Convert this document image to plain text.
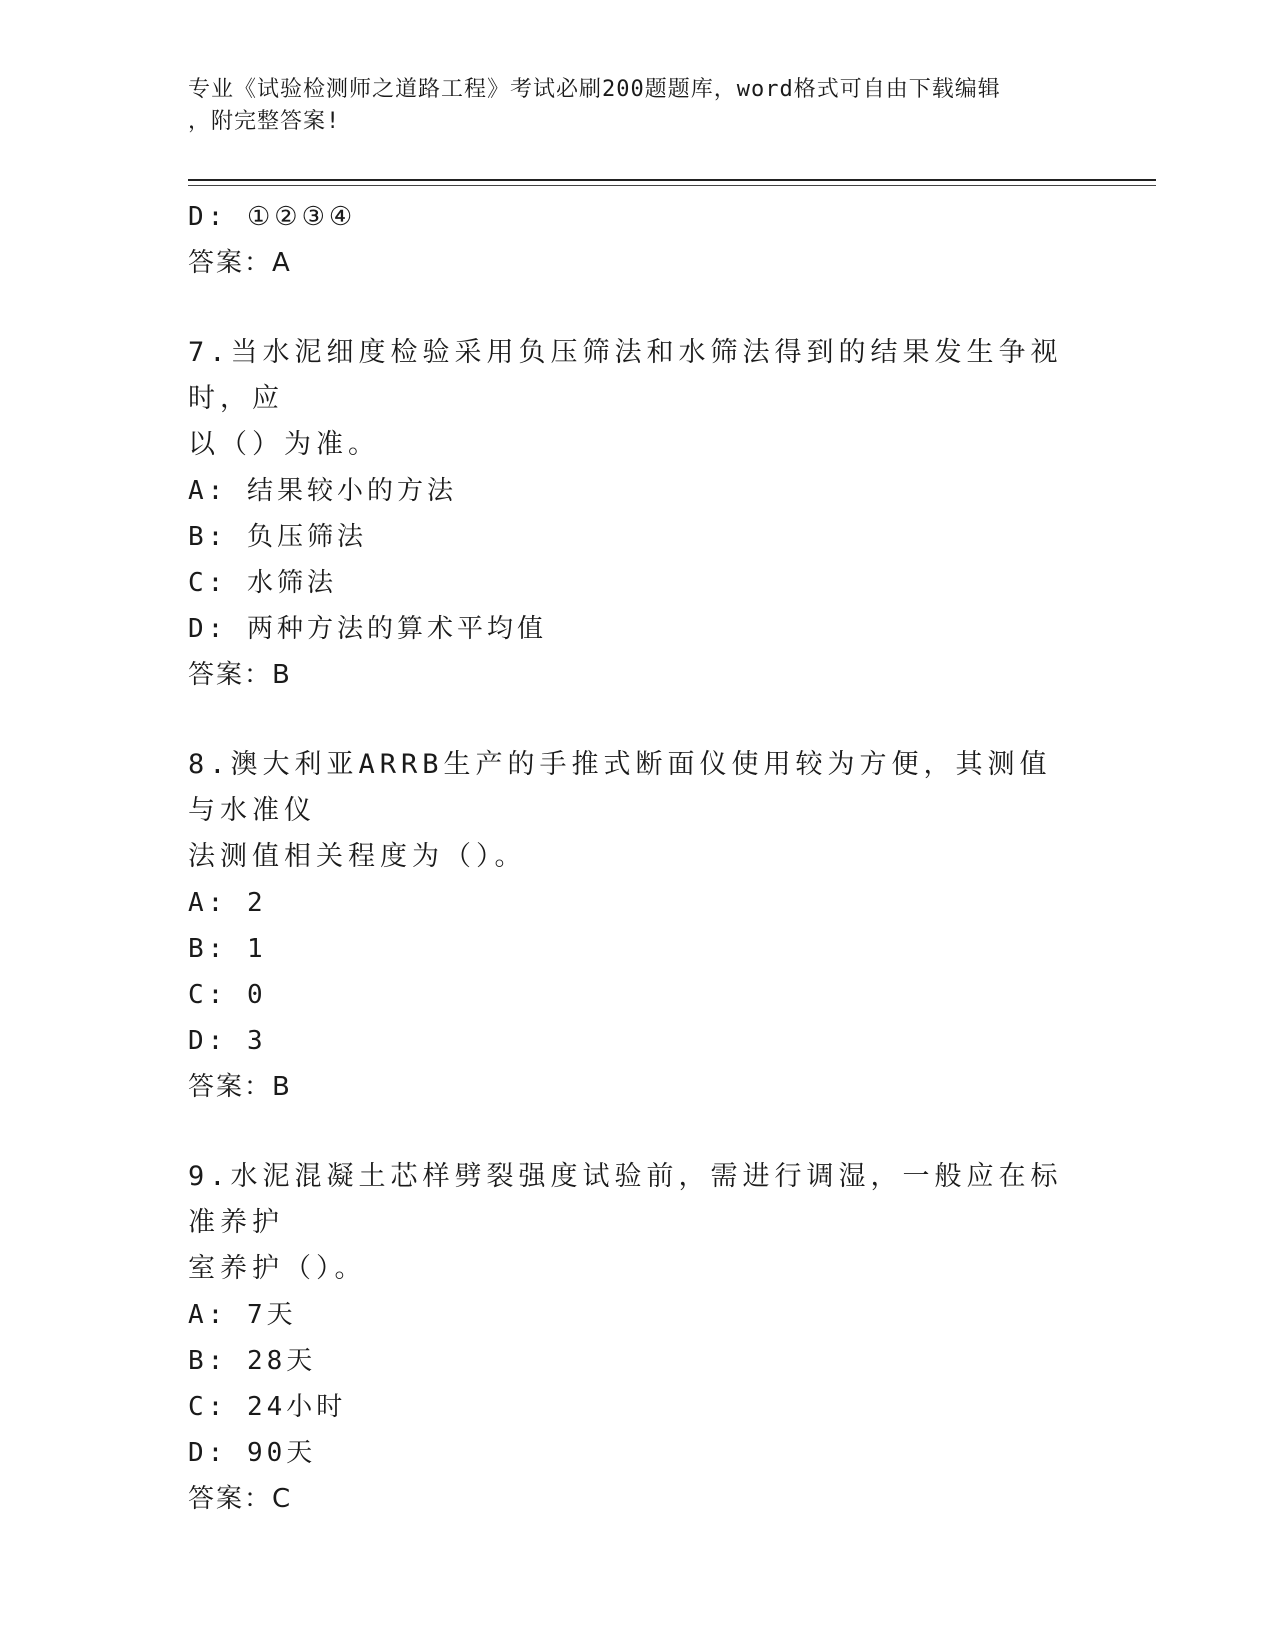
专业《试验检测师之道路工程》考试必刷200题题库，word格式可自由下载编辑
，附完整答案!
D: ①②③④
答案：A
7.当水泥细度检验采用负压筛法和水筛法得到的结果发生争视时，应
以（）为准。
A: 结果较小的方法
B: 负压筛法
C: 水筛法
D: 两种方法的算术平均值
答案：B
8.澳大利亚ARRB生产的手推式断面仪使用较为方便，其测值与水准仪
法测值相关程度为（）。
A: 2
B: 1
C: 0
D: 3
答案：B
9.水泥混凝土芯样劈裂强度试验前，需进行调湿，一般应在标准养护
室养护（）。
A: 7天
B: 28天
C: 24小时
D: 90天
答案：C
